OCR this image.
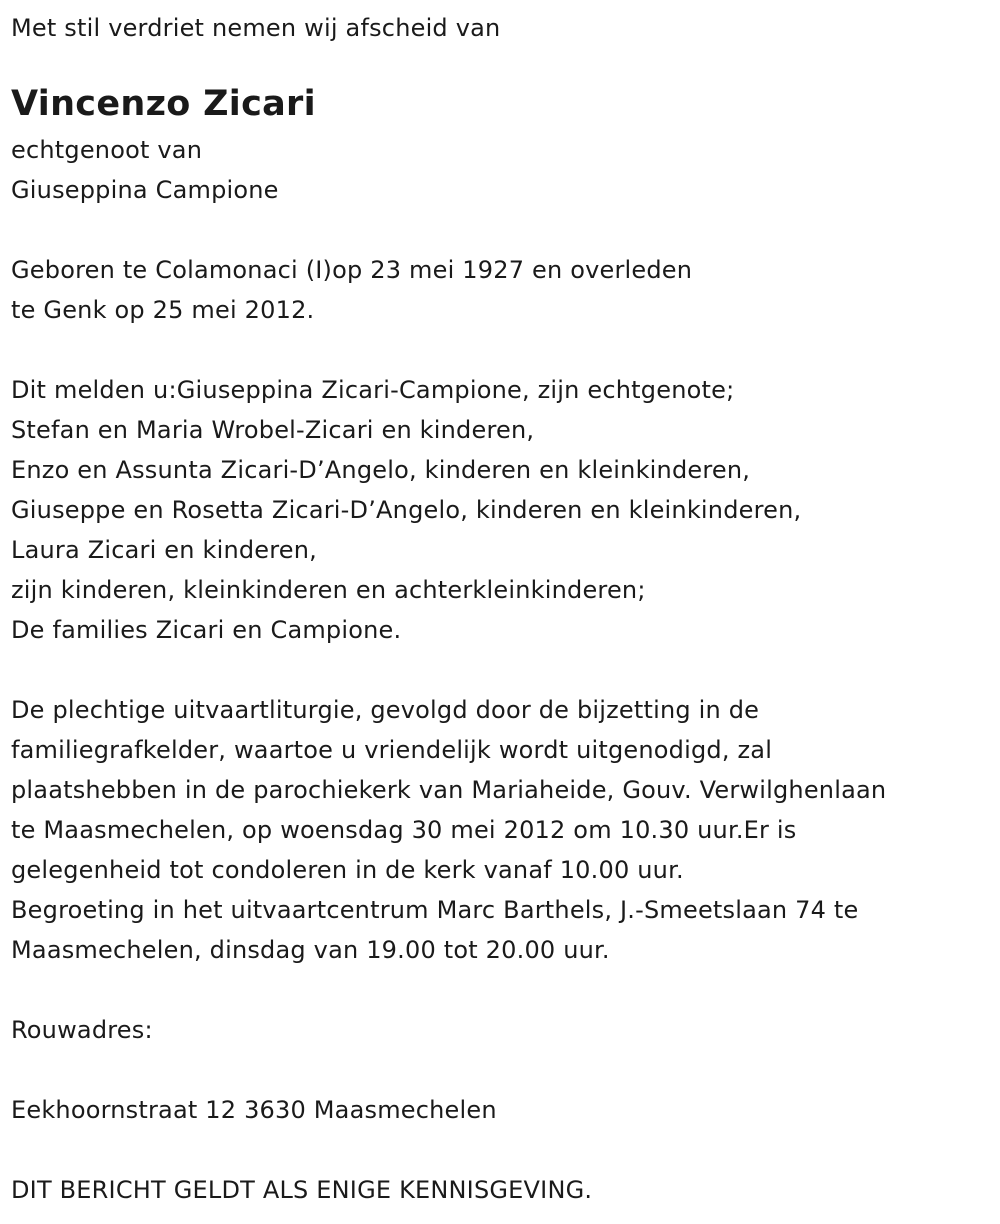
Met stil verdriet nemen wij afscheid van
Vincenzo Zicari
echtgenoot van
Giuseppina Campione
Geboren te Colamonaci (I)op 23 mei 1927 en overleden
te Genk op 25 mei 2012.
Dit melden u:Giuseppina Zicari-Campione, zijn echtgenote;
Stefan en Maria Wrobel-Zicari en kinderen,
Enzo en Assunta Zicari-D’Angelo, kinderen en kleinkinderen,
Giuseppe en Rosetta Zicari-D’Angelo, kinderen en kleinkinderen,
Laura Zicari en kinderen,
zijn kinderen, kleinkinderen en achterkleinkinderen;
De families Zicari en Campione.
De plechtige uitvaartliturgie, gevolgd door de bijzetting in de
familiegrafkelder, waartoe u vriendelijk wordt uitgenodigd, zal
plaatshebben in de parochiekerk van Mariaheide, Gouv. Verwilghenlaan
te Maasmechelen, op woensdag 30 mei 2012 om 10.30 uur.Er is
gelegenheid tot condoleren in de kerk vanaf 10.00 uur.
Begroeting in het uitvaartcentrum Marc Barthels, J.-Smeetslaan 74 te
Maasmechelen, dinsdag van 19.00 tot 20.00 uur.
Rouwadres:
Eekhoornstraat 12 3630 Maasmechelen
DIT BERICHT GELDT ALS ENIGE KENNISGEVING.
